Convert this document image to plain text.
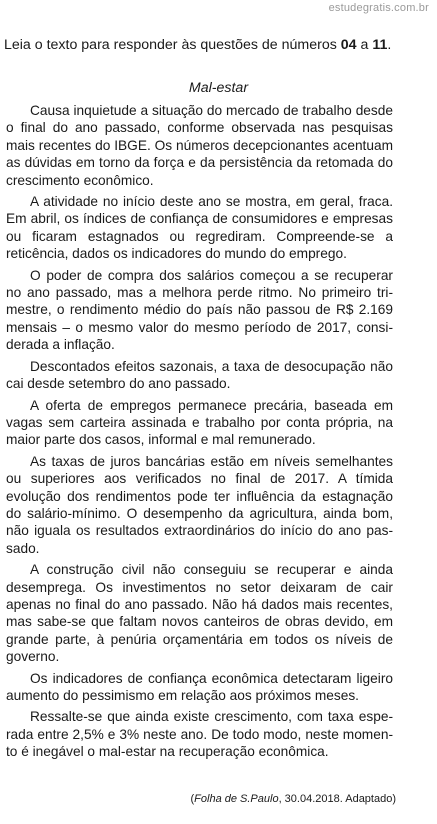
estudegratis.com.br
Leia o texto para responder às questões de números 04 a 11.
Mal-estar

Causa inquietude a situação do mercado de trabalho desde o final do ano passado, conforme observada nas pesquisas mais recentes do IBGE. Os números decepcionantes acentuam as dúvidas em torno da força e da persistência da retomada do crescimento econômico.

A atividade no início deste ano se mostra, em geral, fraca. Em abril, os índices de confiança de consumidores e empresas ou ficaram estagnados ou regrediram. Compreende-se a reticência, dados os indicadores do mundo do emprego.

O poder de compra dos salários começou a se recuperar no ano passado, mas a melhora perde ritmo. No primeiro trimestre, o rendimento médio do país não passou de R$ 2.169 mensais – o mesmo valor do mesmo período de 2017, considerada a inflação.

Descontados efeitos sazonais, a taxa de desocupação não cai desde setembro do ano passado.

A oferta de empregos permanece precária, baseada em vagas sem carteira assinada e trabalho por conta própria, na maior parte dos casos, informal e mal remunerado.

As taxas de juros bancárias estão em níveis semelhantes ou superiores aos verificados no final de 2017. A tímida evolução dos rendimentos pode ter influência da estagnação do salário-mínimo. O desempenho da agricultura, ainda bom, não iguala os resultados extraordinários do início do ano passado.

A construção civil não conseguiu se recuperar e ainda desemprega. Os investimentos no setor deixaram de cair apenas no final do ano passado. Não há dados mais recentes, mas sabe-se que faltam novos canteiros de obras devido, em grande parte, à penúria orçamentária em todos os níveis de governo.

Os indicadores de confiança econômica detectaram ligeiro aumento do pessimismo em relação aos próximos meses.

Ressalte-se que ainda existe crescimento, com taxa esperada entre 2,5% e 3% neste ano. De todo modo, neste momento é inegável o mal-estar na recuperação econômica.

(Folha de S.Paulo, 30.04.2018. Adaptado)
